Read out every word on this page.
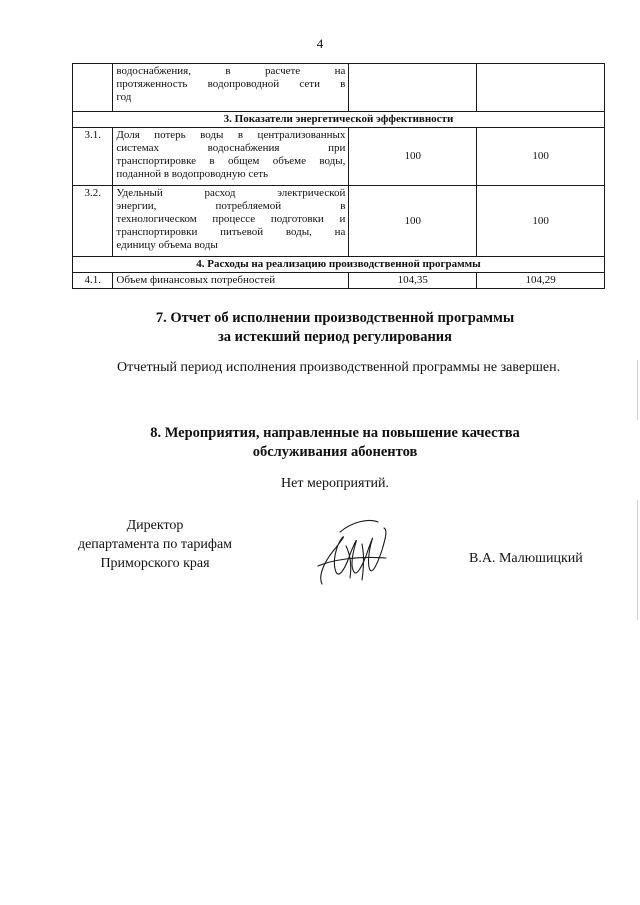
4

	водоснабжения, в расчете на
протяженность водопроводной сети в
год		

3. Показатели энергетической эффективности			
3.1.	Доля потерь воды в централизованных
системах водоснабжения при
транспортировке в общем объеме воды,
поданной в водопроводную сеть	100	100
3.2.	Удельный расход электрической
энергии, потребляемой в
технологическом процессе подготовки и
транспортировки питьевой воды, на
единицу объема воды	100	100
4. Расходы на реализацию производственной программы			
4.1.	Объем финансовых потребностей	104,35	104,29
7. Отчет об исполнении производственной программы
за истекший период регулирования
Отчетный период исполнения производственной программы не завершен.
8. Мероприятия, направленные на повышение качества
обслуживания абонентов
Нет мероприятий.
Директор
департамента по тарифам
Приморского края	В.А. Малюшицкий
